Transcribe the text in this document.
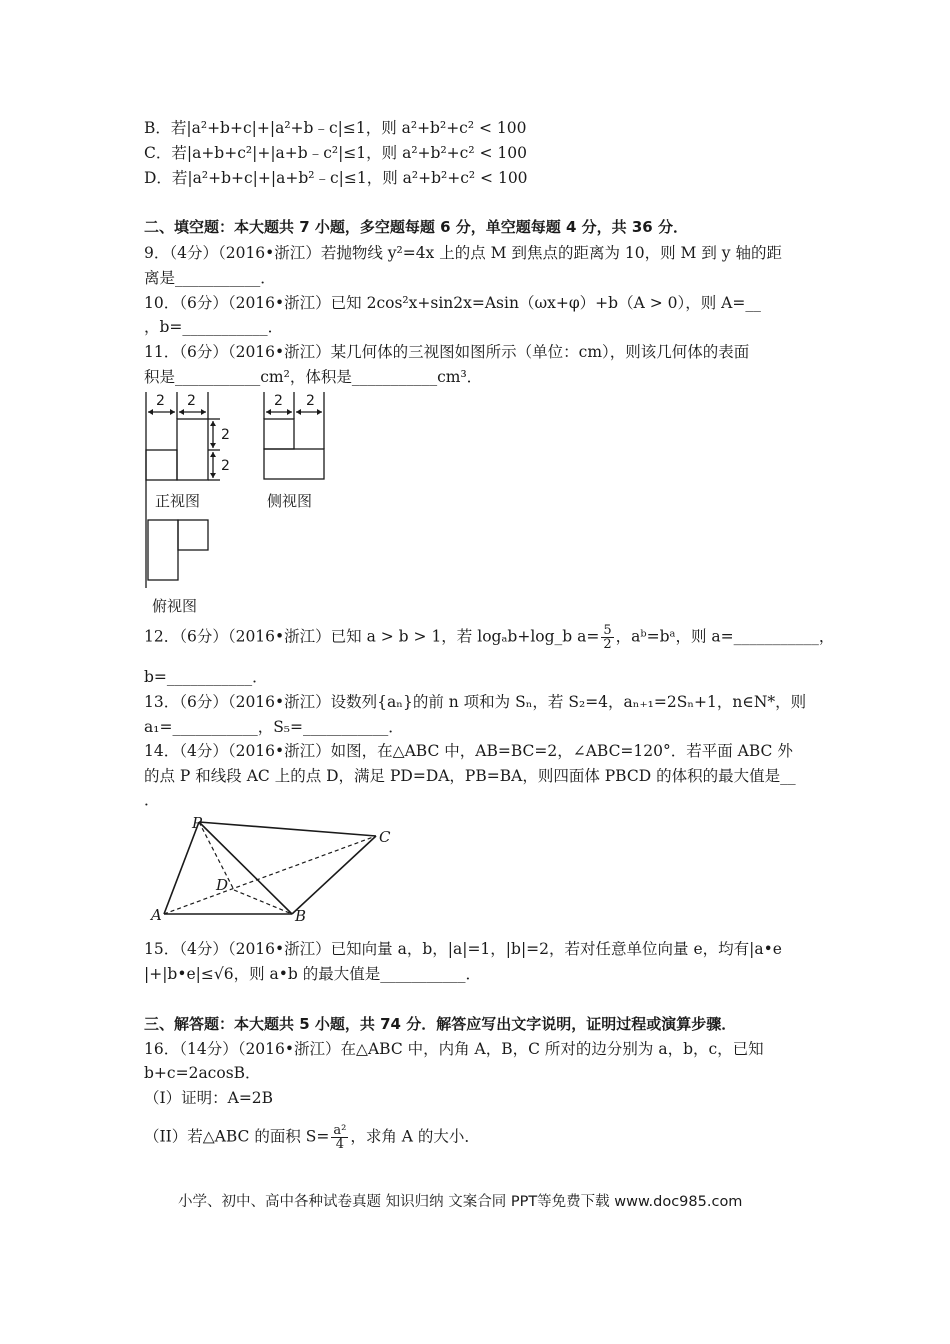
B．若|a²+b+c|+|a²+b﹣c|≤1，则 a²+b²+c² < 100
C．若|a+b+c²|+|a+b﹣c²|≤1，则 a²+b²+c² < 100
D．若|a²+b+c|+|a+b²﹣c|≤1，则 a²+b²+c² < 100
二、填空题：本大题共 7 小题，多空题每题 6 分，单空题每题 4 分，共 36 分．
9．（4分）（2016•浙江）若抛物线 y²=4x 上的点 M 到焦点的距离为 10，则 M 到 y 轴的距
离是___________．
10．（6分）（2016•浙江）已知 2cos²x+sin2x=Asin（ωx+φ）+b（A > 0），则 A=__
，b=___________．
11．（6分）（2016•浙江）某几何体的三视图如图所示（单位：cm），则该几何体的表面
积是___________cm²，体积是___________cm³．
2 2
2
2
2 2
正视图	侧视图
俯视图
12．（6分）（2016•浙江）已知 a > b > 1，若 logₐb+log_b $a= \frac{5}{2}$ ，aᵇ=bᵃ，则 a=___________，
b=___________．
13．（6分）（2016•浙江）设数列{aₙ}的前 n 项和为 Sₙ，若 S₂=4，aₙ₊₁=2Sₙ+1，n∈N*，则
a₁=___________，S₅=___________．
14．（4分）（2016•浙江）如图，在△ABC 中，AB=BC=2，∠ABC=120°．若平面 ABC 外
的点 P 和线段 AC 上的点 D，满足 PD=DA，PB=BA，则四面体 PBCD 的体积的最大值是__
．
P
C
D
A	B
15．（4分）（2016•浙江）已知向量 a，b，|a|=1，|b|=2，若对任意单位向量 e，均有|a•e
|+|b•e|≤√6，则 a•b 的最大值是___________．
三、解答题：本大题共 5 小题，共 74 分．解答应写出文字说明，证明过程或演算步骤．
16．（14分）（2016•浙江）在△ABC 中，内角 A，B，C 所对的边分别为 a，b，c，已知
b+c=2acosB．
（I）证明：A=2B
（II）若△ABC 的面积 $S= \frac{\text{a²}}{4}$ ，求角 A 的大小．
小学、初中、高中各种试卷真题 知识归纳 文案合同 PPT等免费下载 www.doc985.com
